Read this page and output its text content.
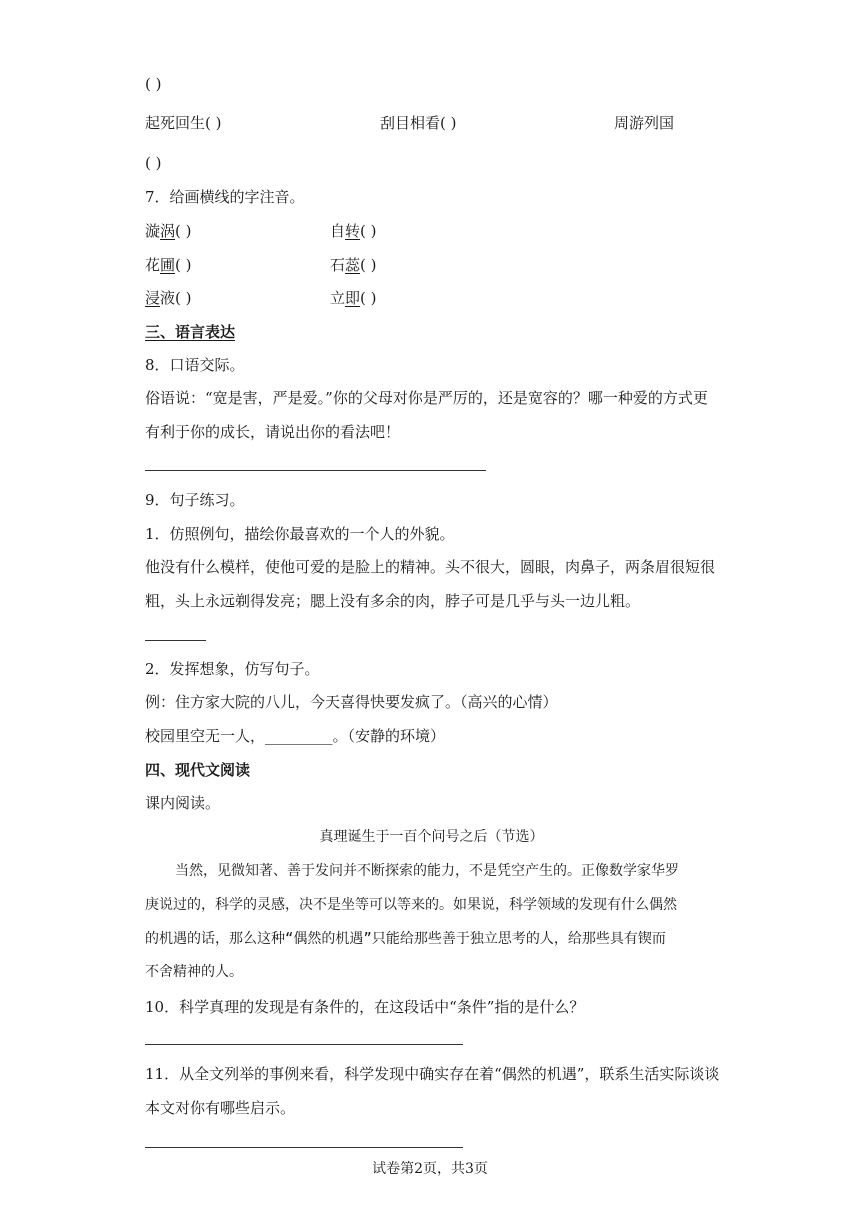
( )
起死回生( )	刮目相看( )	周游列国
( )
7．给画横线的字注音。
漩涡( )	自转( )
花圃( )	石蕊( )
浸液( )	立即( )
三、语言表达
8．口语交际。
俗语说：“宽是害，严是爱。”你的父母对你是严厉的，还是宽容的？哪一种爱的方式更
有利于你的成长，请说出你的看法吧！
9．句子练习。
1．仿照例句，描绘你最喜欢的一个人的外貌。
他没有什么模样，使他可爱的是脸上的精神。头不很大，圆眼，肉鼻子，两条眉很短很
粗，头上永远剃得发亮；腮上没有多余的肉，脖子可是几乎与头一边儿粗。
2．发挥想象，仿写句子。
例：住方家大院的八儿，今天喜得快要发疯了。（高兴的心情）
校园里空无一人，_________。（安静的环境）
四、现代文阅读
课内阅读。
真理诞生于一百个问号之后（节选）
当然，见微知著、善于发问并不断探索的能力，不是凭空产生的。正像数学家华罗
庚说过的，科学的灵感，决不是坐等可以等来的。如果说，科学领域的发现有什么偶然
的机遇的话，那么这种“偶然的机遇”只能给那些善于独立思考的人，给那些具有锲而
不舍精神的人。
10．科学真理的发现是有条件的，在这段话中“条件”指的是什么？
11．从全文列举的事例来看，科学发现中确实存在着“偶然的机遇”，联系生活实际谈谈
本文对你有哪些启示。
试卷第2页，共3页
